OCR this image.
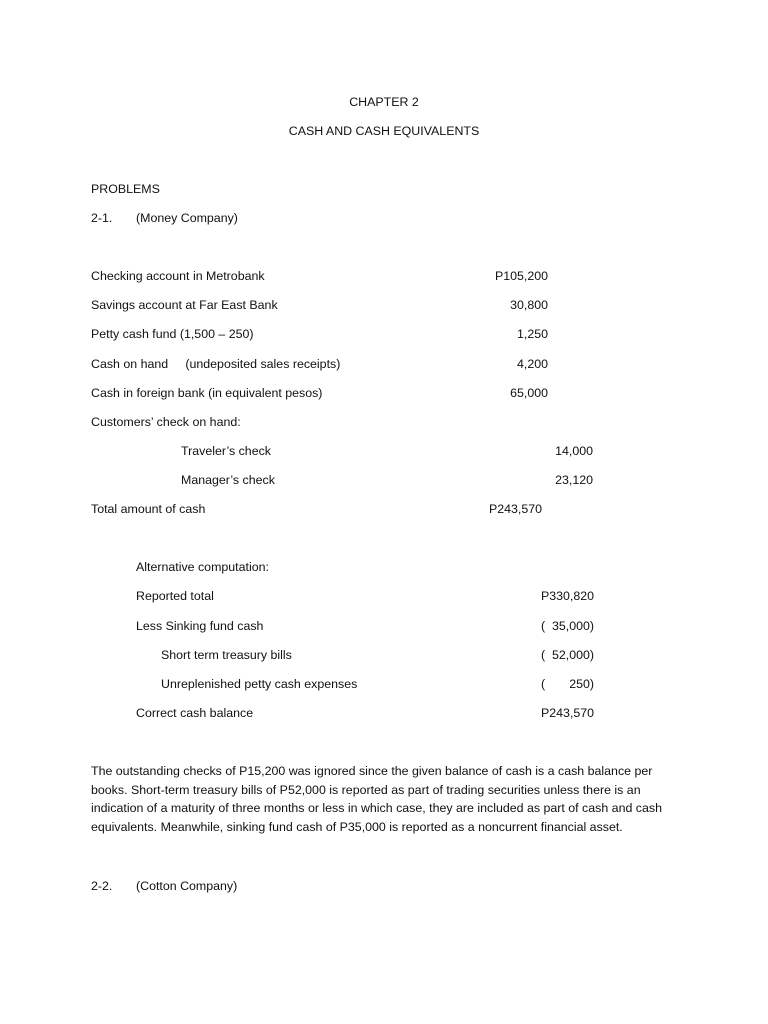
CHAPTER 2
CASH AND CASH EQUIVALENTS
PROBLEMS
2-1. (Money Company)
Checking account in Metrobank	P105,200
Savings account at Far East Bank	30,800
Petty cash fund (1,500 – 250)	1,250
Cash on hand     (undeposited sales receipts)	4,200
Cash in foreign bank (in equivalent pesos)	65,000
Customers’ check on hand:
Traveler’s check	14,000
Manager’s check	23,120
Total amount of cash	P243,570
Alternative computation:
Reported total	P330,820
Less Sinking fund cash	(  35,000)
Short term treasury bills	(  52,000)
Unreplenished petty cash expenses	(       250)
Correct cash balance	P243,570
The outstanding checks of P15,200 was ignored since the given balance of cash is a cash balance per books. Short-term treasury bills of P52,000 is reported as part of trading securities unless there is an indication of a maturity of three months or less in which case, they are included as part of cash and cash equivalents. Meanwhile, sinking fund cash of P35,000 is reported as a noncurrent financial asset.
2-2. (Cotton Company)
